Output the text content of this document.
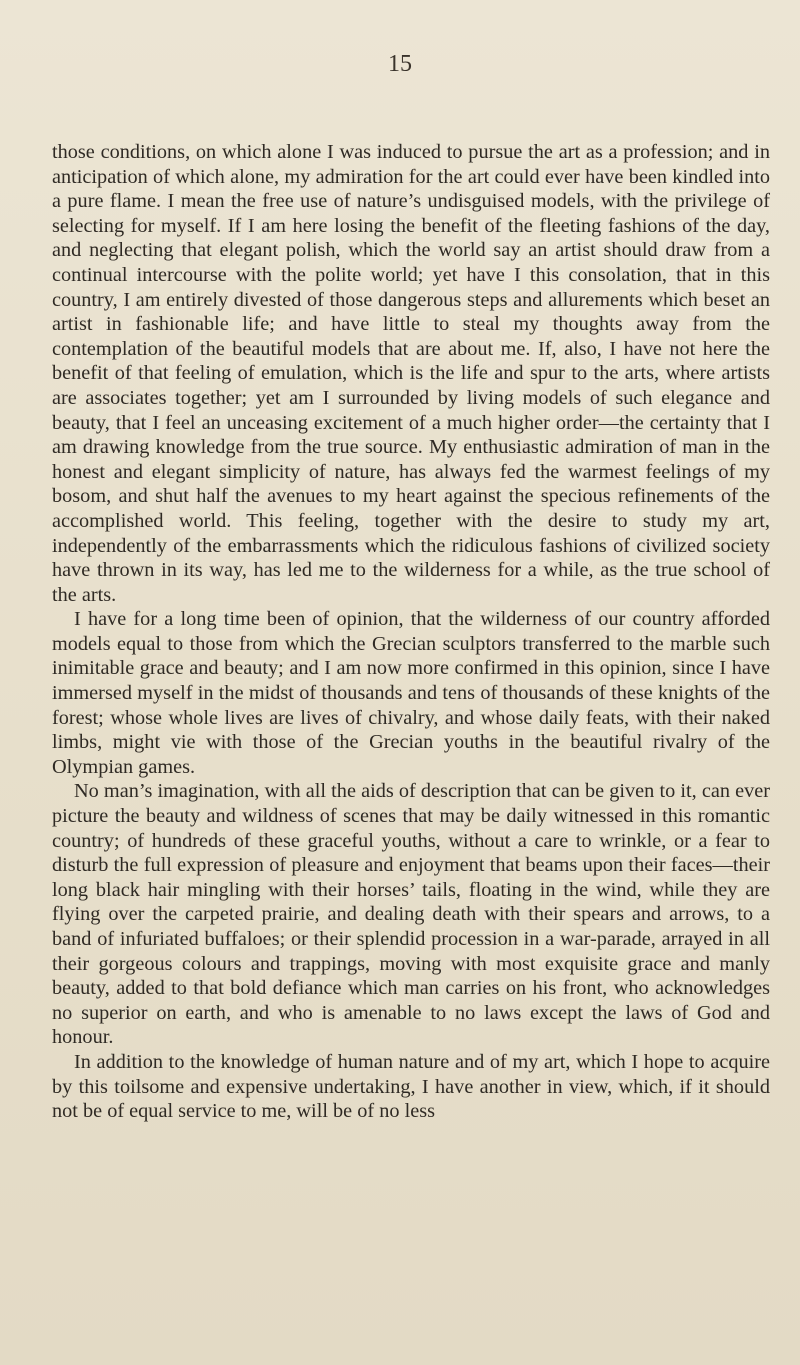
15

those conditions, on which alone I was induced to pursue the art as a profession; and in anticipation of which alone, my admiration for the art could ever have been kindled into a pure flame. I mean the free use of nature’s undisguised models, with the privilege of selecting for myself. If I am here losing the benefit of the fleeting fashions of the day, and neglecting that elegant polish, which the world say an artist should draw from a continual intercourse with the polite world; yet have I this consolation, that in this country, I am entirely divested of those dangerous steps and allurements which beset an artist in fashionable life; and have little to steal my thoughts away from the contemplation of the beautiful models that are about me. If, also, I have not here the benefit of that feeling of emulation, which is the life and spur to the arts, where artists are associates together; yet am I surrounded by living models of such elegance and beauty, that I feel an unceasing excitement of a much higher order—the certainty that I am drawing knowledge from the true source. My enthusiastic admiration of man in the honest and elegant simplicity of nature, has always fed the warmest feelings of my bosom, and shut half the avenues to my heart against the specious refinements of the accomplished world. This feeling, together with the desire to study my art, independently of the embarrassments which the ridiculous fashions of civilized society have thrown in its way, has led me to the wilderness for a while, as the true school of the arts.

I have for a long time been of opinion, that the wilderness of our country afforded models equal to those from which the Grecian sculptors transferred to the marble such inimitable grace and beauty; and I am now more confirmed in this opinion, since I have immersed myself in the midst of thousands and tens of thousands of these knights of the forest; whose whole lives are lives of chivalry, and whose daily feats, with their naked limbs, might vie with those of the Grecian youths in the beautiful rivalry of the Olympian games.

No man’s imagination, with all the aids of description that can be given to it, can ever picture the beauty and wildness of scenes that may be daily witnessed in this romantic country; of hundreds of these graceful youths, without a care to wrinkle, or a fear to disturb the full expression of pleasure and enjoyment that beams upon their faces—their long black hair mingling with their horses’ tails, floating in the wind, while they are flying over the carpeted prairie, and dealing death with their spears and arrows, to a band of infuriated buffaloes; or their splendid procession in a war-parade, arrayed in all their gorgeous colours and trappings, moving with most exquisite grace and manly beauty, added to that bold defiance which man carries on his front, who acknowledges no superior on earth, and who is amenable to no laws except the laws of God and honour.

In addition to the knowledge of human nature and of my art, which I hope to acquire by this toilsome and expensive undertaking, I have another in view, which, if it should not be of equal service to me, will be of no less
